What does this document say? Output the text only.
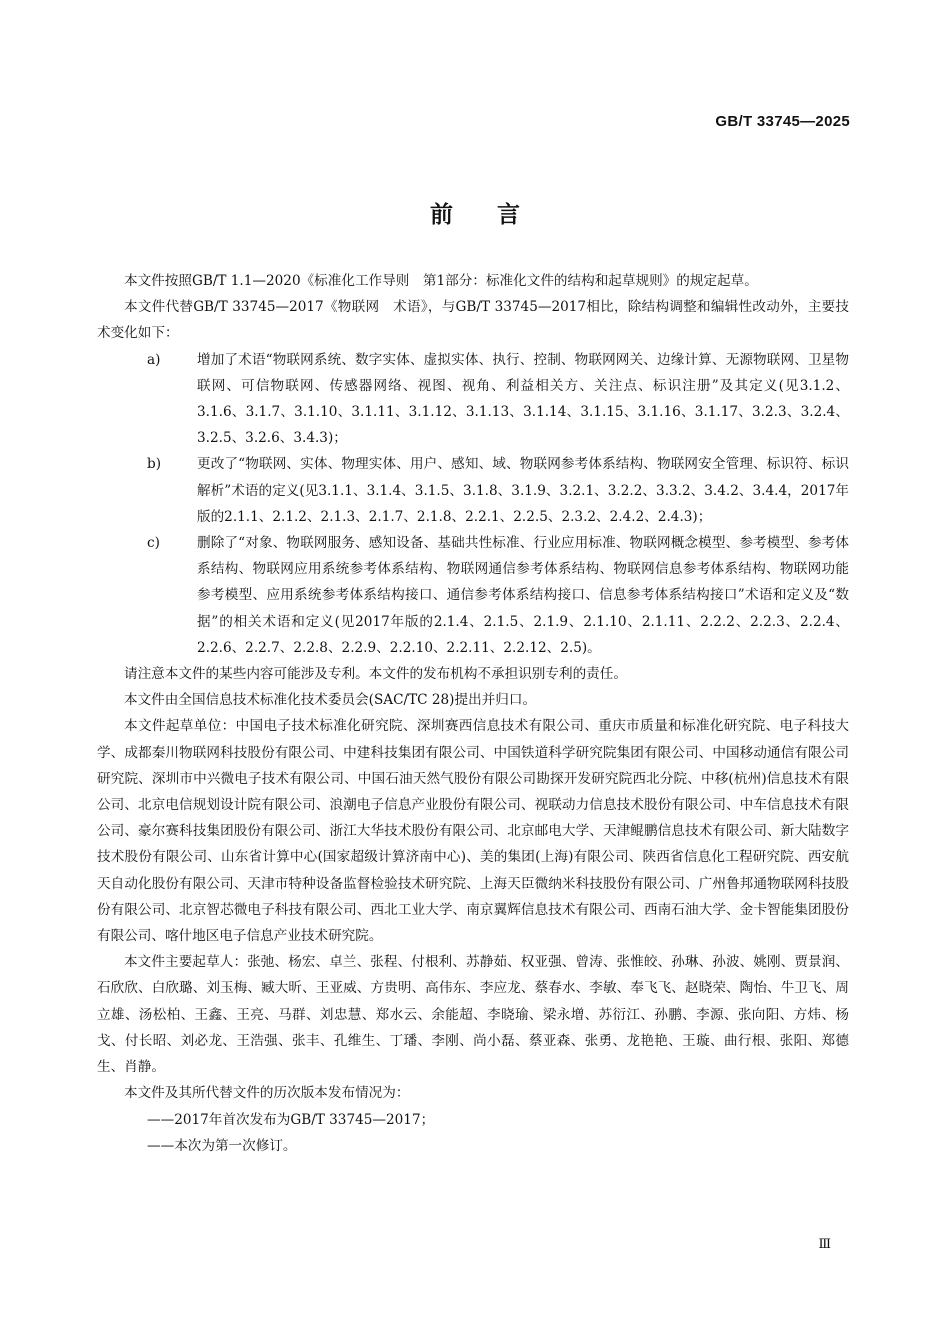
GB/T 33745—2025
前言

本文件按照GB/T 1.1—2020《标准化工作导则　第1部分：标准化文件的结构和起草规则》的规定起草。

本文件代替GB/T 33745—2017《物联网　术语》，与GB/T 33745—2017相比，除结构调整和编辑性改动外，主要技术变化如下：

a)	增加了术语“物联网系统、数字实体、虚拟实体、执行、控制、物联网网关、边缘计算、无源物联网、卫星物联网、可信物联网、传感器网络、视图、视角、利益相关方、关注点、标识注册”及其定义(见3.1.2、3.1.6、3.1.7、3.1.10、3.1.11、3.1.12、3.1.13、3.1.14、3.1.15、3.1.16、3.1.17、3.2.3、3.2.4、3.2.5、3.2.6、3.4.3)；
b)	更改了“物联网、实体、物理实体、用户、感知、域、物联网参考体系结构、物联网安全管理、标识符、标识解析”术语的定义(见3.1.1、3.1.4、3.1.5、3.1.8、3.1.9、3.2.1、3.2.2、3.3.2、3.4.2、3.4.4，2017年版的2.1.1、2.1.2、2.1.3、2.1.7、2.1.8、2.2.1、2.2.5、2.3.2、2.4.2、2.4.3)；
c)	删除了“对象、物联网服务、感知设备、基础共性标准、行业应用标准、物联网概念模型、参考模型、参考体系结构、物联网应用系统参考体系结构、物联网通信参考体系结构、物联网信息参考体系结构、物联网功能参考模型、应用系统参考体系结构接口、通信参考体系结构接口、信息参考体系结构接口”术语和定义及“数据”的相关术语和定义(见2017年版的2.1.4、2.1.5、2.1.9、2.1.10、2.1.11、2.2.2、2.2.3、2.2.4、2.2.6、2.2.7、2.2.8、2.2.9、2.2.10、2.2.11、2.2.12、2.5)。

请注意本文件的某些内容可能涉及专利。本文件的发布机构不承担识别专利的责任。

本文件由全国信息技术标准化技术委员会(SAC/TC 28)提出并归口。

本文件起草单位：中国电子技术标准化研究院、深圳赛西信息技术有限公司、重庆市质量和标准化研究院、电子科技大学、成都秦川物联网科技股份有限公司、中建科技集团有限公司、中国铁道科学研究院集团有限公司、中国移动通信有限公司研究院、深圳市中兴微电子技术有限公司、中国石油天然气股份有限公司勘探开发研究院西北分院、中移(杭州)信息技术有限公司、北京电信规划设计院有限公司、浪潮电子信息产业股份有限公司、视联动力信息技术股份有限公司、中车信息技术有限公司、豪尔赛科技集团股份有限公司、浙江大华技术股份有限公司、北京邮电大学、天津鲲鹏信息技术有限公司、新大陆数字技术股份有限公司、山东省计算中心(国家超级计算济南中心)、美的集团(上海)有限公司、陕西省信息化工程研究院、西安航天自动化股份有限公司、天津市特种设备监督检验技术研究院、上海天臣微纳米科技股份有限公司、广州鲁邦通物联网科技股份有限公司、北京智芯微电子科技有限公司、西北工业大学、南京翼辉信息技术有限公司、西南石油大学、金卡智能集团股份有限公司、喀什地区电子信息产业技术研究院。

本文件主要起草人：张弛、杨宏、卓兰、张程、付根利、苏静茹、权亚强、曾涛、张惟皎、孙琳、孙波、姚刚、贾景润、石欣欣、白欣璐、刘玉梅、臧大昕、王亚威、方贵明、高伟东、李应龙、蔡春水、李敏、奉飞飞、赵晓荣、陶怡、牛卫飞、周立雄、汤松柏、王鑫、王亮、马群、刘忠慧、郑水云、余能超、李晓瑜、梁永增、苏衍江、孙鹏、李源、张向阳、方炜、杨戈、付长昭、刘必龙、王浩强、张丰、孔维生、丁璠、李刚、尚小磊、蔡亚森、张勇、龙艳艳、王璇、曲行根、张阳、郑德生、肖静。

本文件及其所代替文件的历次版本发布情况为：

——2017年首次发布为GB/T 33745—2017；

——本次为第一次修订。

Ⅲ
